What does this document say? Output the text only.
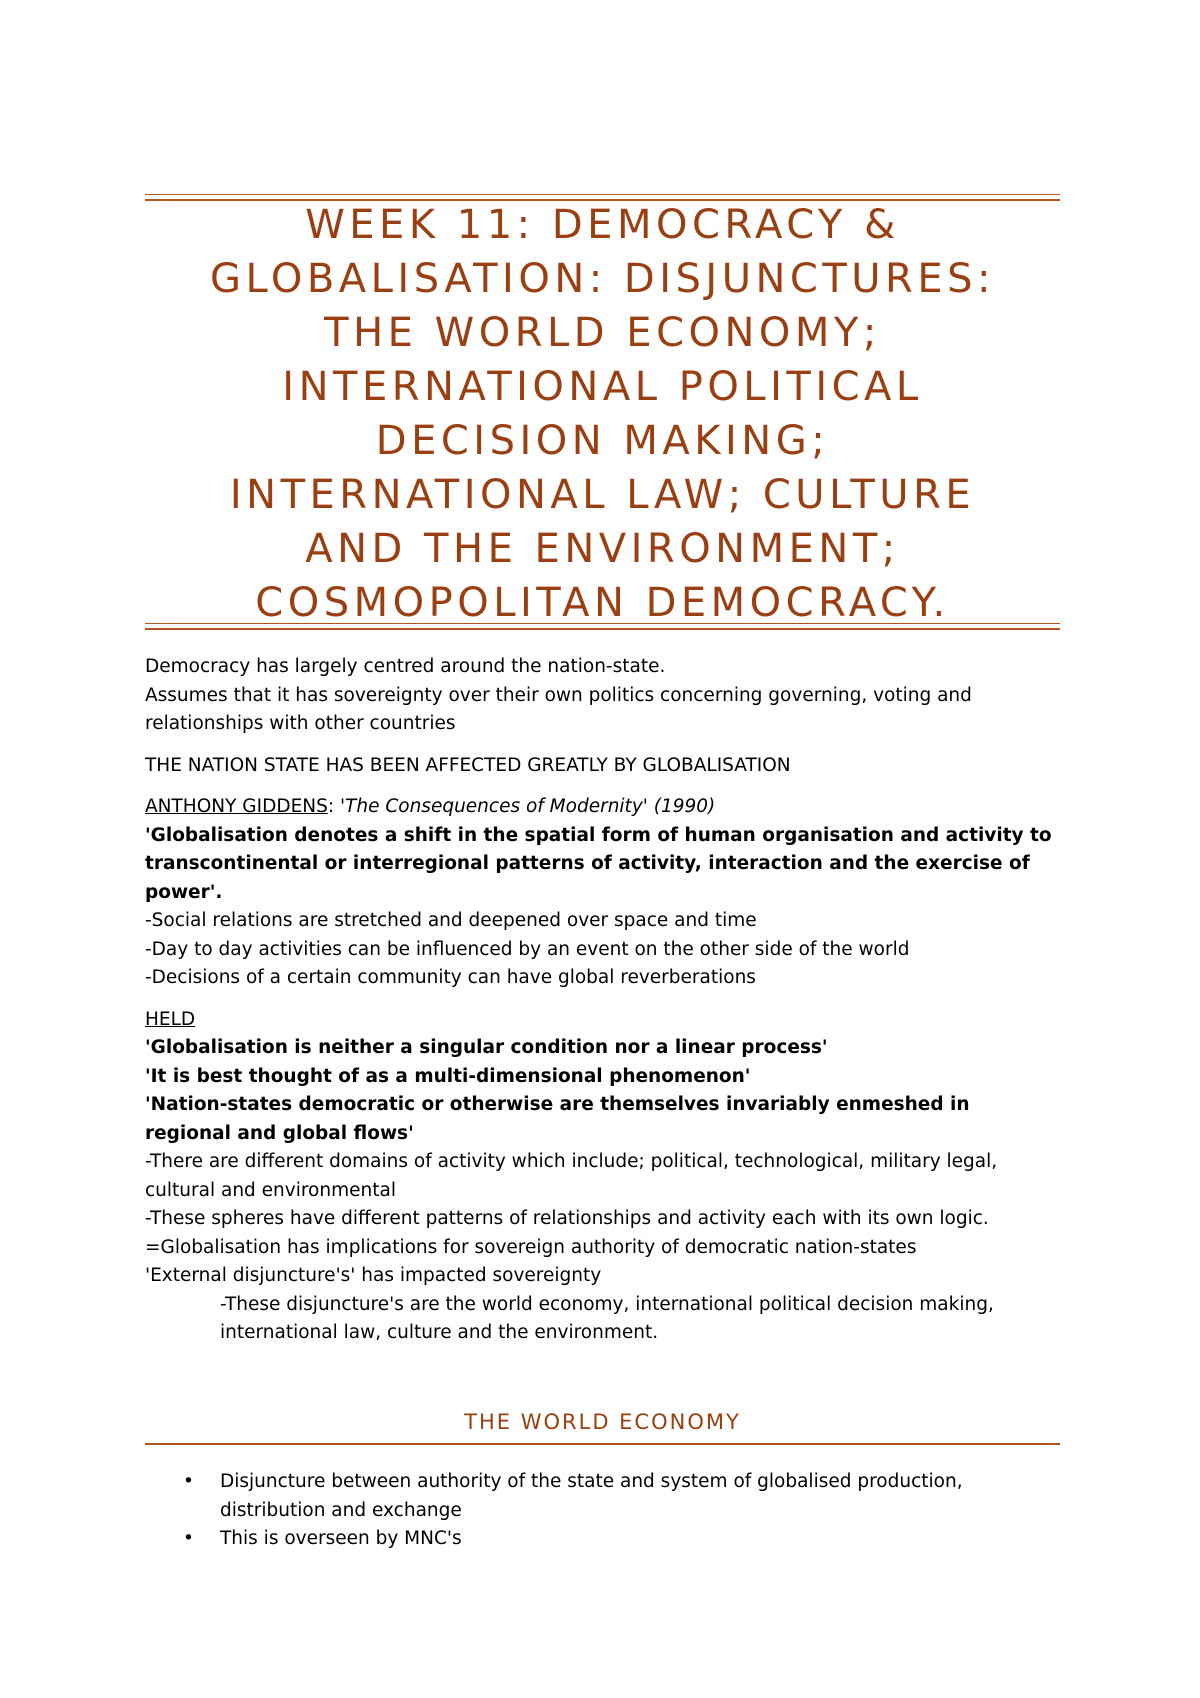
WEEK 11: DEMOCRACY &
GLOBALISATION: DISJUNCTURES:
THE WORLD ECONOMY;
INTERNATIONAL POLITICAL
DECISION MAKING;
INTERNATIONAL LAW; CULTURE
AND THE ENVIRONMENT;
COSMOPOLITAN DEMOCRACY.

Democracy has largely centred around the nation-state.

Assumes that it has sovereignty over their own politics concerning governing, voting and

relationships with other countries

THE NATION STATE HAS BEEN AFFECTED GREATLY BY GLOBALISATION

ANTHONY GIDDENS: 'The Consequences of Modernity' (1990)

'Globalisation denotes a shift in the spatial form of human organisation and activity to

transcontinental or interregional patterns of activity, interaction and the exercise of

power'.

-Social relations are stretched and deepened over space and time

-Day to day activities can be influenced by an event on the other side of the world

-Decisions of a certain community can have global reverberations

HELD

'Globalisation is neither a singular condition nor a linear process'

'It is best thought of as a multi-dimensional phenomenon'

'Nation-states democratic or otherwise are themselves invariably enmeshed in

regional and global flows'

-There are different domains of activity which include; political, technological, military legal,

cultural and environmental

-These spheres have different patterns of relationships and activity each with its own logic.

=Globalisation has implications for sovereign authority of democratic nation-states

'External disjuncture's' has impacted sovereignty

-These disjuncture's are the world economy, international political decision making,

international law, culture and the environment.

THE WORLD ECONOMY
• Disjuncture between authority of the state and system of globalised production,

distribution and exchange

• This is overseen by MNC's
